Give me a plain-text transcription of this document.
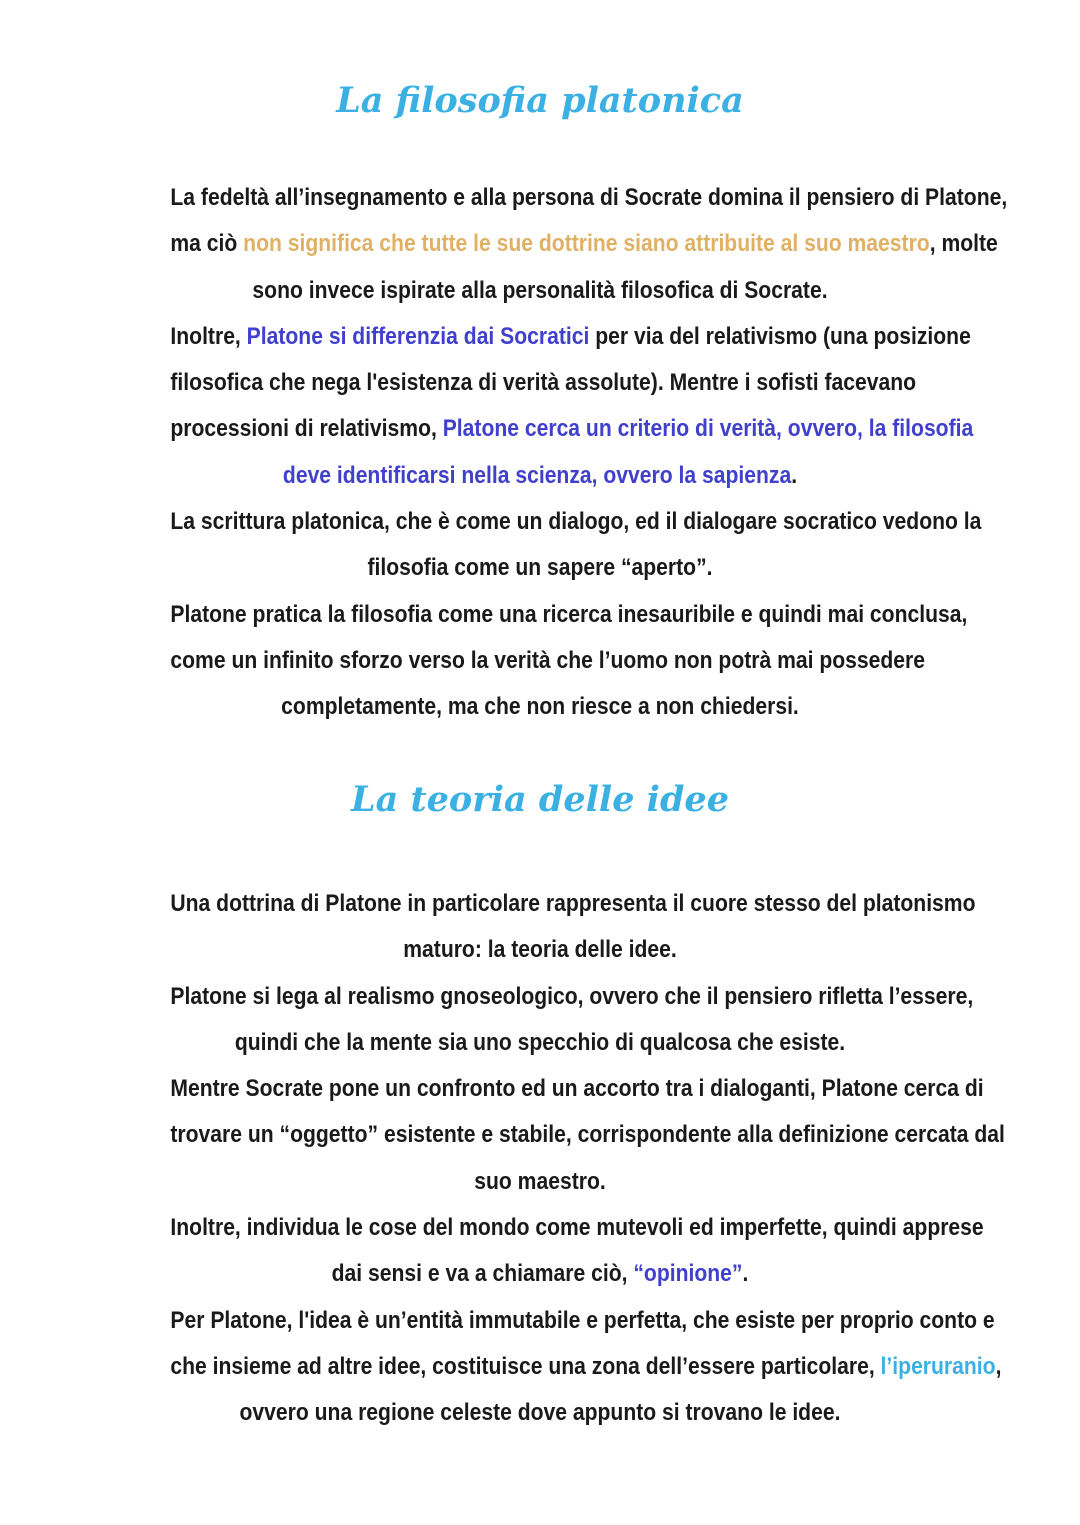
La filosofia platonica

La fedeltà all’insegnamento e alla persona di Socrate domina il pensiero di Platone,
ma ciò non significa che tutte le sue dottrine siano attribuite al suo maestro, molte
sono invece ispirate alla personalità filosofica di Socrate.

Inoltre, Platone si differenzia dai Socratici per via del relativismo (una posizione
filosofica che nega l'esistenza di verità assolute). Mentre i sofisti facevano
processioni di relativismo, Platone cerca un criterio di verità, ovvero, la filosofia
deve identificarsi nella scienza, ovvero la sapienza.

La scrittura platonica, che è come un dialogo, ed il dialogare socratico vedono la
filosofia come un sapere “aperto”.

Platone pratica la filosofia come una ricerca inesauribile e quindi mai conclusa,
come un infinito sforzo verso la verità che l’uomo non potrà mai possedere
completamente, ma che non riesce a non chiedersi.

La teoria delle idee

Una dottrina di Platone in particolare rappresenta il cuore stesso del platonismo
maturo: la teoria delle idee.

Platone si lega al realismo gnoseologico, ovvero che il pensiero rifletta l’essere,
quindi che la mente sia uno specchio di qualcosa che esiste.

Mentre Socrate pone un confronto ed un accorto tra i dialoganti, Platone cerca di
trovare un “oggetto” esistente e stabile, corrispondente alla definizione cercata dal
suo maestro.

Inoltre, individua le cose del mondo come mutevoli ed imperfette, quindi apprese
dai sensi e va a chiamare ciò, “opinione”.

Per Platone, l'idea è un’entità immutabile e perfetta, che esiste per proprio conto e
che insieme ad altre idee, costituisce una zona dell’essere particolare, l’iperuranio,
ovvero una regione celeste dove appunto si trovano le idee.
